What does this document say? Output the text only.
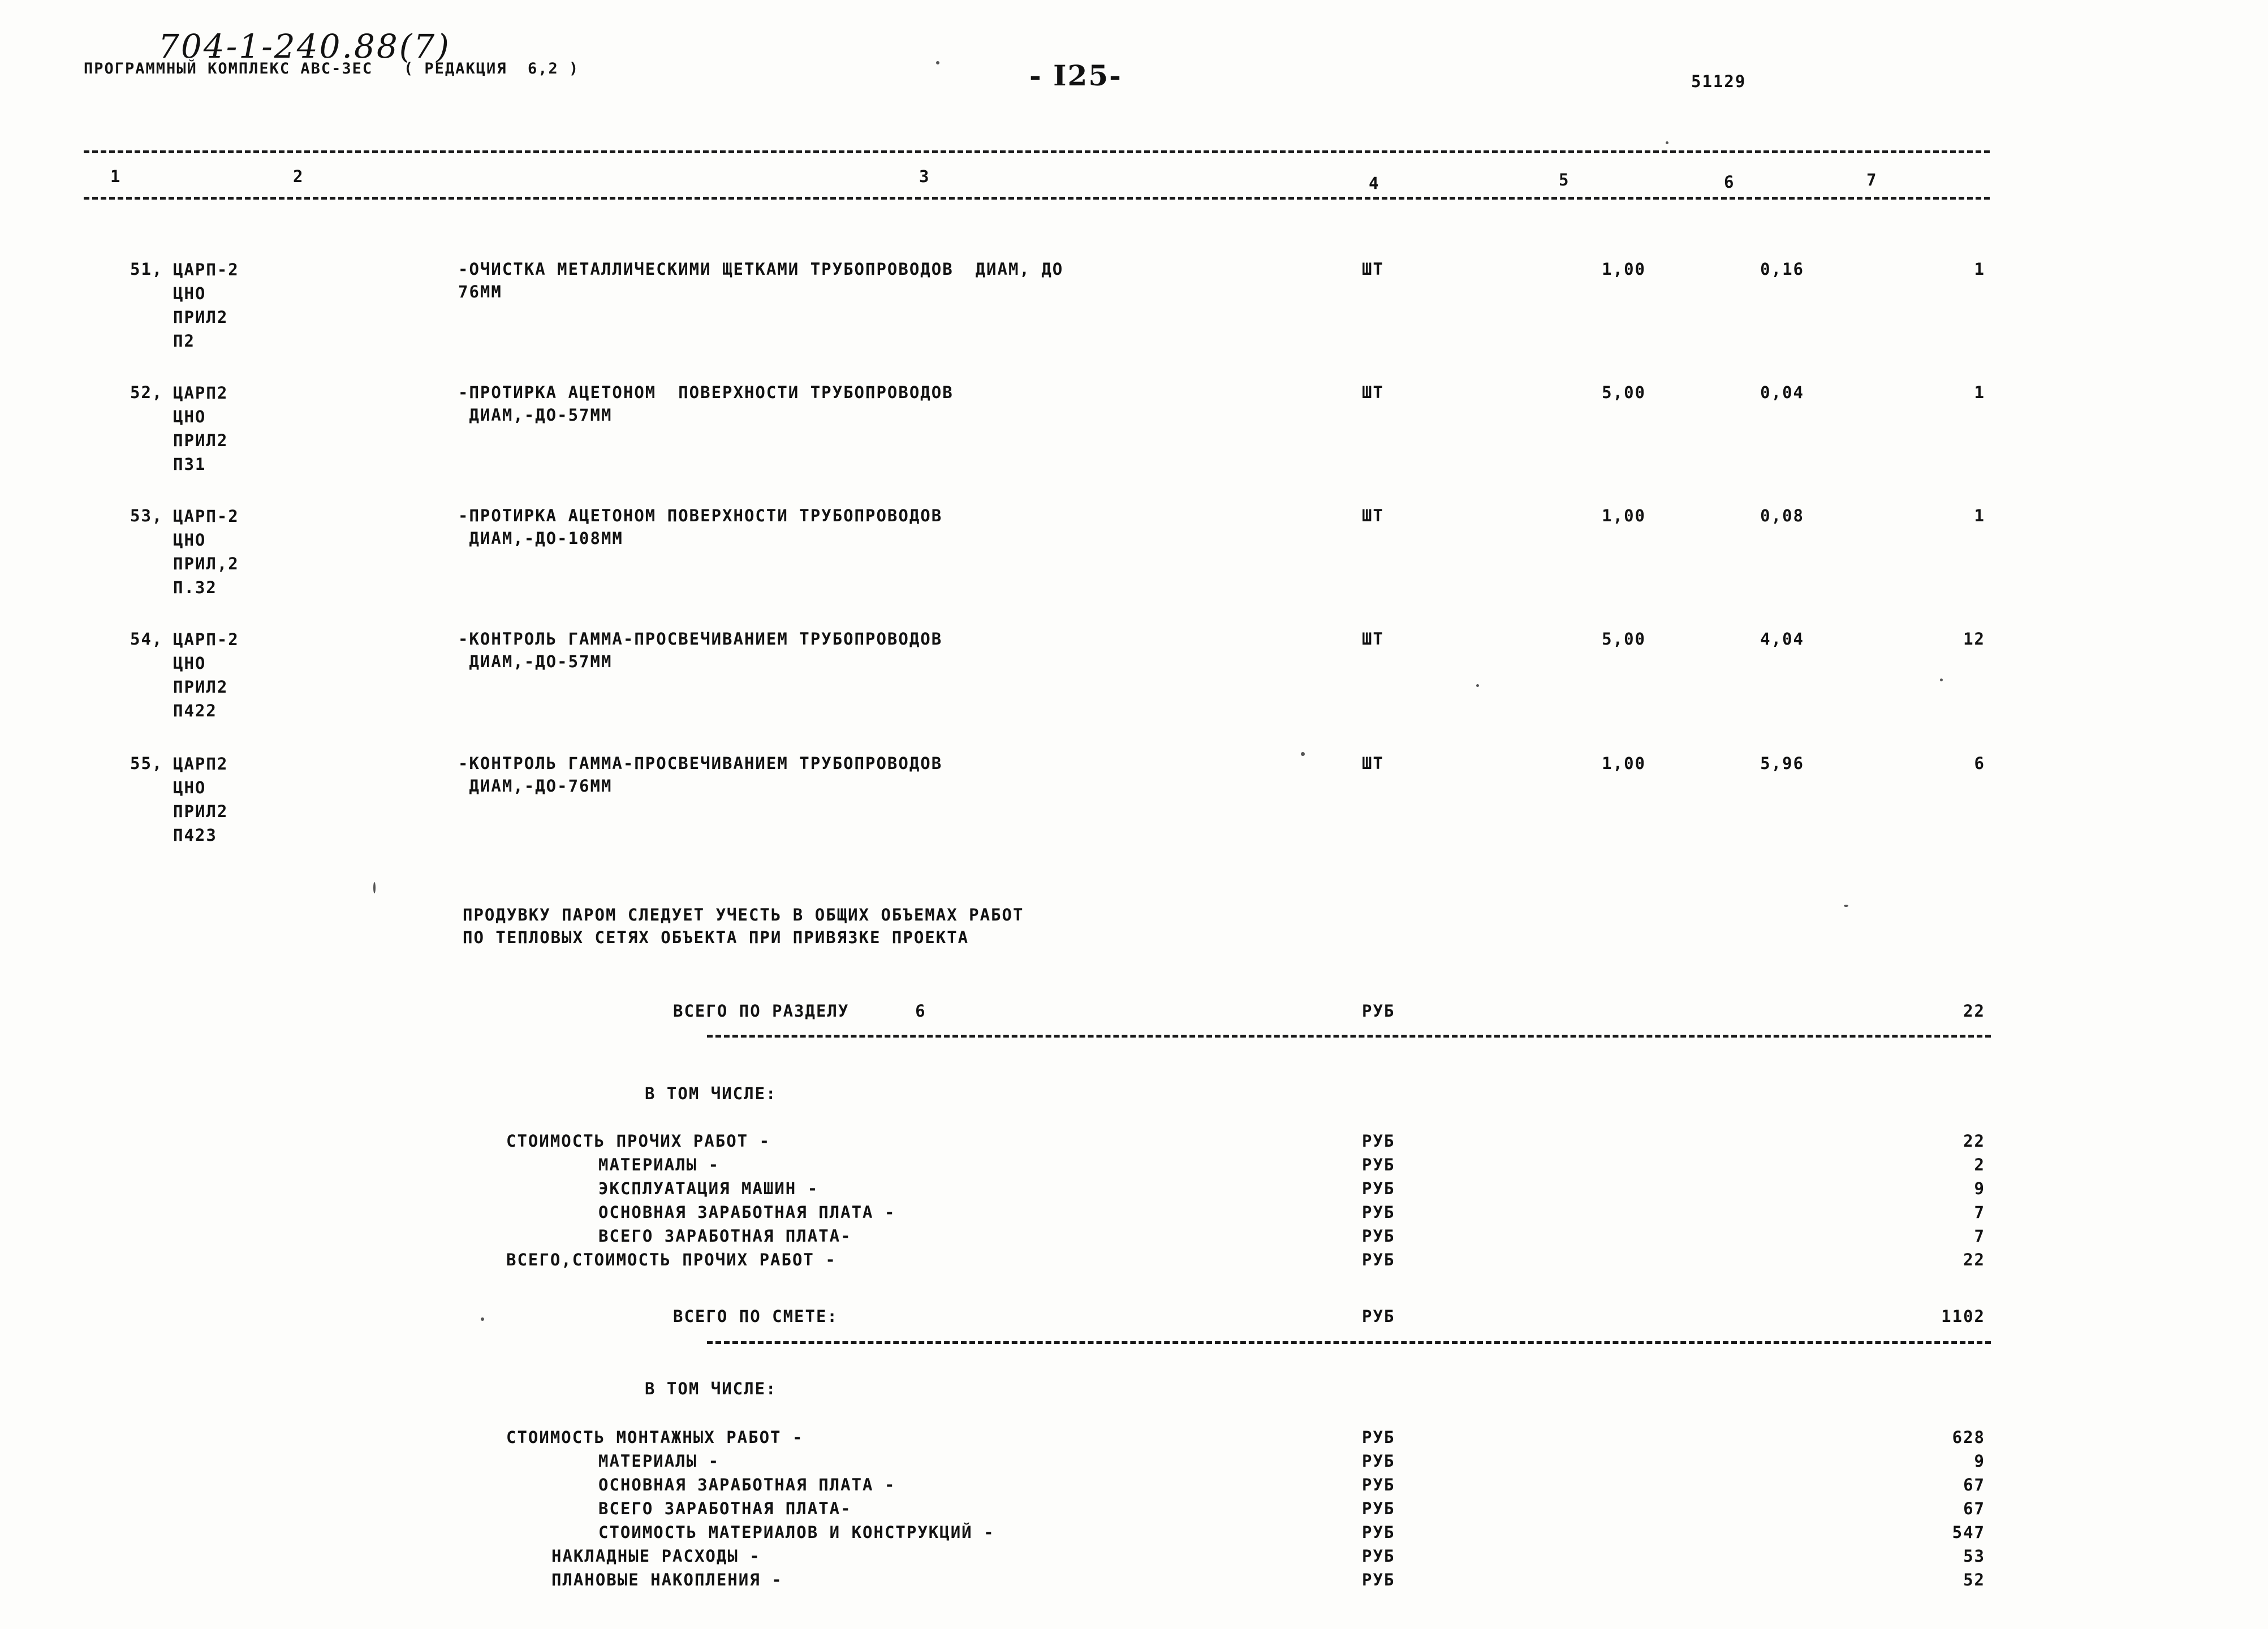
704-1-240.88(7)
ПРОГРАММНЫЙ КОМПЛЕКС АВС-ЗЕС   ( РЕДАКЦИЯ  6,2 )	- I25-	51129
1	2	3	4	5	6	7
51, ЦАРП-2
ЦНО
ПРИЛ2
П2
-ОЧИСТКА МЕТАЛЛИЧЕСКИМИ ЩЕТКАМИ ТРУБОПРОВОДОВ  ДИАМ, ДО
76ММ
ШТ	1,00	0,16	1
52, ЦАРП2
ЦНО
ПРИЛ2
П31
-ПРОТИРКА АЦЕТОНОМ  ПОВЕРХНОСТИ ТРУБОПРОВОДОВ
ДИАМ,-ДО-57ММ
ШТ	5,00	0,04	1
53, ЦАРП-2
ЦНО
ПРИЛ,2
П.32
-ПРОТИРКА АЦЕТОНОМ ПОВЕРХНОСТИ ТРУБОПРОВОДОВ
ДИАМ,-ДО-108ММ
ШТ	1,00	0,08	1
54, ЦАРП-2
ЦНО
ПРИЛ2
П422
-КОНТРОЛЬ ГАММА-ПРОСВЕЧИВАНИЕМ ТРУБОПРОВОДОВ
ДИАМ,-ДО-57ММ
ШТ	5,00	4,04	12
55, ЦАРП2
ЦНО
ПРИЛ2
П423
-КОНТРОЛЬ ГАММА-ПРОСВЕЧИВАНИЕМ ТРУБОПРОВОДОВ
ДИАМ,-ДО-76ММ
ШТ	1,00	5,96	6
ПРОДУВКУ ПАРОМ СЛЕДУЕТ УЧЕСТЬ В ОБЩИХ ОБЪЕМАХ РАБОТ
ПО ТЕПЛОВЫХ СЕТЯХ ОБЪЕКТА ПРИ ПРИВЯЗКЕ ПРОЕКТА
ВСЕГО ПО РАЗДЕЛУ      6	РУБ	22
В ТОМ ЧИСЛЕ:
СТОИМОСТЬ ПРОЧИХ РАБОТ -	РУБ	22
МАТЕРИАЛЫ -	РУБ	2
ЭКСПЛУАТАЦИЯ МАШИН -	РУБ	9
ОСНОВНАЯ ЗАРАБОТНАЯ ПЛАТА -	РУБ	7
ВСЕГО ЗАРАБОТНАЯ ПЛАТА-	РУБ	7
ВСЕГО,СТОИМОСТЬ ПРОЧИХ РАБОТ -	РУБ	22
ВСЕГО ПО СМЕТЕ:	РУБ	1102
В ТОМ ЧИСЛЕ:
СТОИМОСТЬ МОНТАЖНЫХ РАБОТ -	РУБ	628
МАТЕРИАЛЫ -	РУБ	9
ОСНОВНАЯ ЗАРАБОТНАЯ ПЛАТА -	РУБ	67
ВСЕГО ЗАРАБОТНАЯ ПЛАТА-	РУБ	67
СТОИМОСТЬ МАТЕРИАЛОВ И КОНСТРУКЦИЙ -	РУБ	547
НАКЛАДНЫЕ РАСХОДЫ -	РУБ	53
ПЛАНОВЫЕ НАКОПЛЕНИЯ -	РУБ	52
